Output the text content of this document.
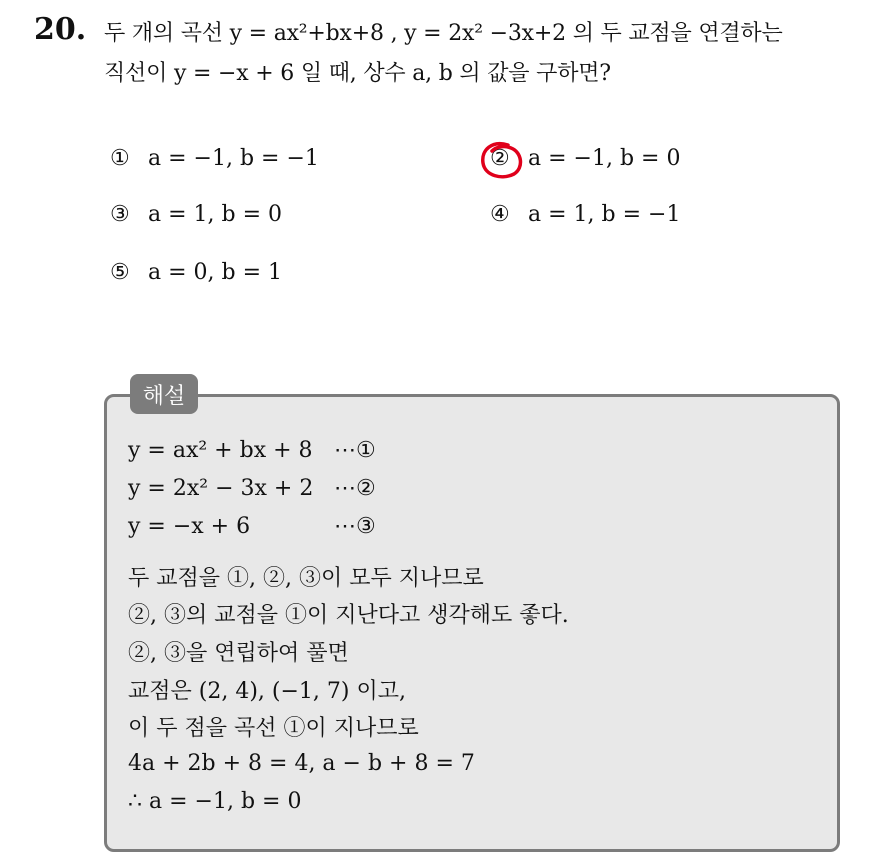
20. 두 개의 곡선 y = ax²+bx+8 , y = 2x² −3x+2 의 두 교점을 연결하는
직선이 y = −x + 6 일 때, 상수 a, b 의 값을 구하면?
① a = −1, b = −1	② a = −1, b = 0
③ a = 1, b = 0	④ a = 1, b = −1
⑤ a = 0, b = 1
해설
y = ax² + bx + 8 ⋯①
y = 2x² − 3x + 2 ⋯②
y = −x + 6	⋯③
두 교점을 ①, ②, ③이 모두 지나므로
②, ③의 교점을 ①이 지난다고 생각해도 좋다.
②, ③을 연립하여 풀면
교점은 (2, 4), (−1, 7) 이고,
이 두 점을 곡선 ①이 지나므로
4a + 2b + 8 = 4, a − b + 8 = 7
∴ a = −1, b = 0
